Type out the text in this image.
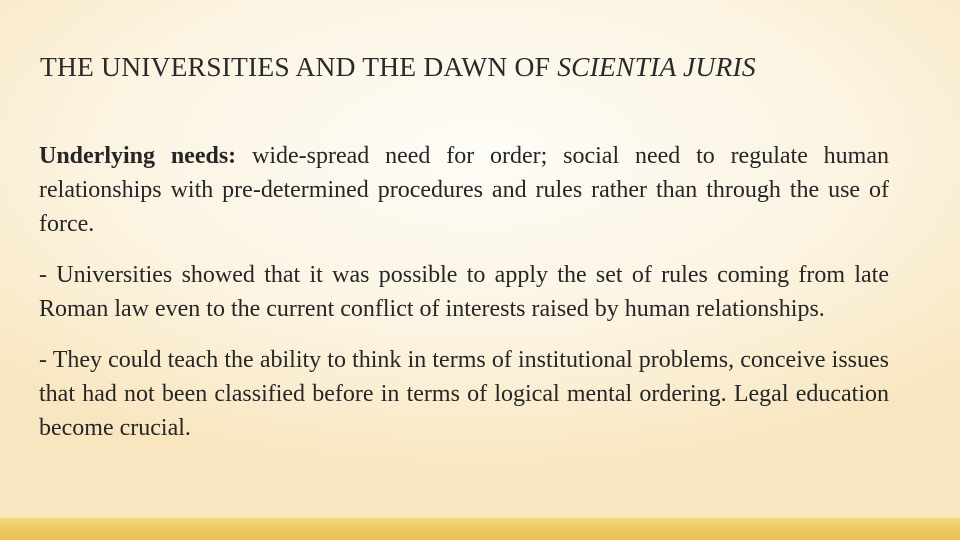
THE UNIVERSITIES AND THE DAWN OF SCIENTIA JURIS

Underlying needs: wide-spread need for order; social need to regulate human relationships with pre-determined procedures and rules rather than through the use of force.

- Universities showed that it was possible to apply the set of rules coming from late Roman law even to the current conflict of interests raised by human relationships.

- They could teach the ability to think in terms of institutional problems, conceive issues that had not been classified before in terms of logical mental ordering. Legal education become crucial.
